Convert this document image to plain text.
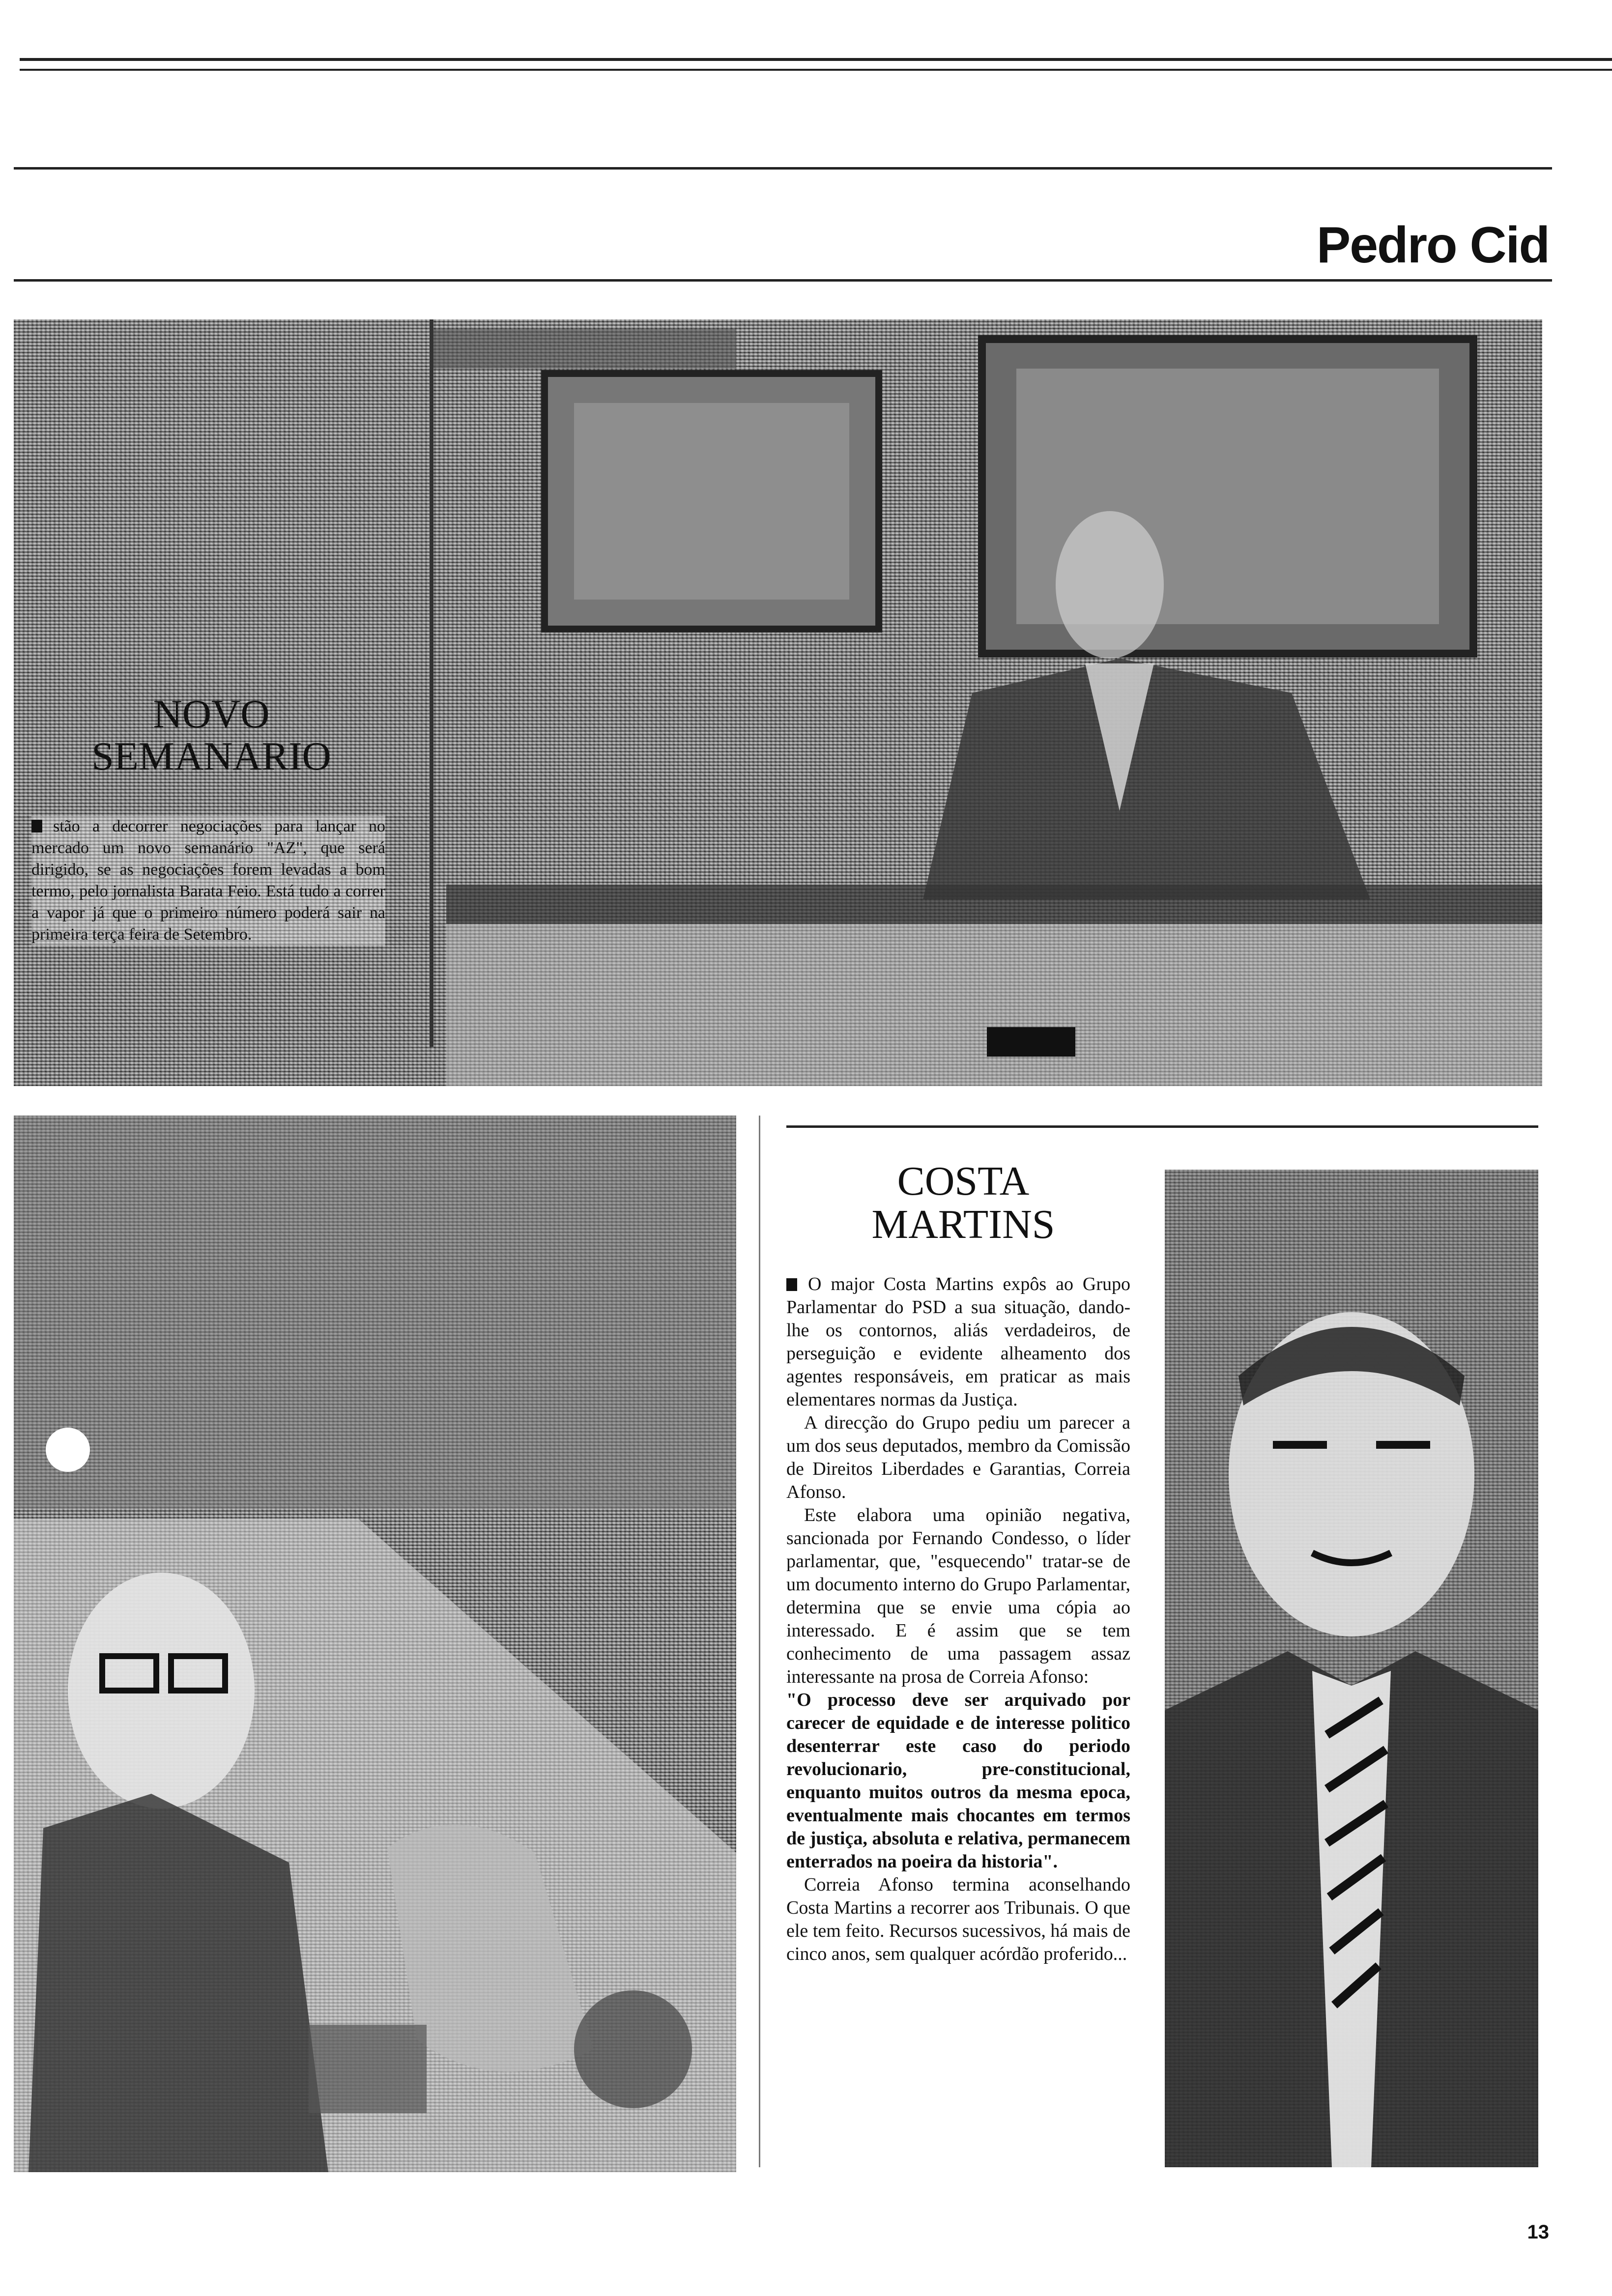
Pedro Cid
NOVO
SEMANARIO

stão a decorrer negociações para lançar no mercado um novo semanário "AZ", que será dirigido, se as negociações forem levadas a bom termo, pelo jornalista Barata Feio. Está tudo a correr a vapor já que o primeiro número poderá sair na primeira terça feira de Setembro.

COSTA
MARTINS

O major Costa Martins expôs ao Grupo Parlamentar do PSD a sua situação, dando-lhe os contornos, aliás verdadeiros, de perseguição e evidente alheamento dos agentes responsáveis, em praticar as mais elementares normas da Justiça.

A direcção do Grupo pediu um parecer a um dos seus deputados, membro da Comissão de Direitos Liberdades e Garantias, Correia Afonso.

Este elabora uma opinião negativa, sancionada por Fernando Condesso, o líder parlamentar, que, "esquecendo" tratar-se de um documento interno do Grupo Parlamentar, determina que se envie uma cópia ao interessado. E é assim que se tem conhecimento de uma passagem assaz interessante na prosa de Correia Afonso:

"O processo deve ser arquivado por carecer de equidade e de interesse politico desenterrar este caso do periodo revolucionario, pre-constitucional, enquanto muitos outros da mesma epoca, eventualmente mais chocantes em termos de justiça, absoluta e relativa, permanecem enterrados na poeira da historia".

Correia Afonso termina aconselhando Costa Martins a recorrer aos Tribunais. O que ele tem feito. Recursos sucessivos, há mais de cinco anos, sem qualquer acórdão proferido...

13
